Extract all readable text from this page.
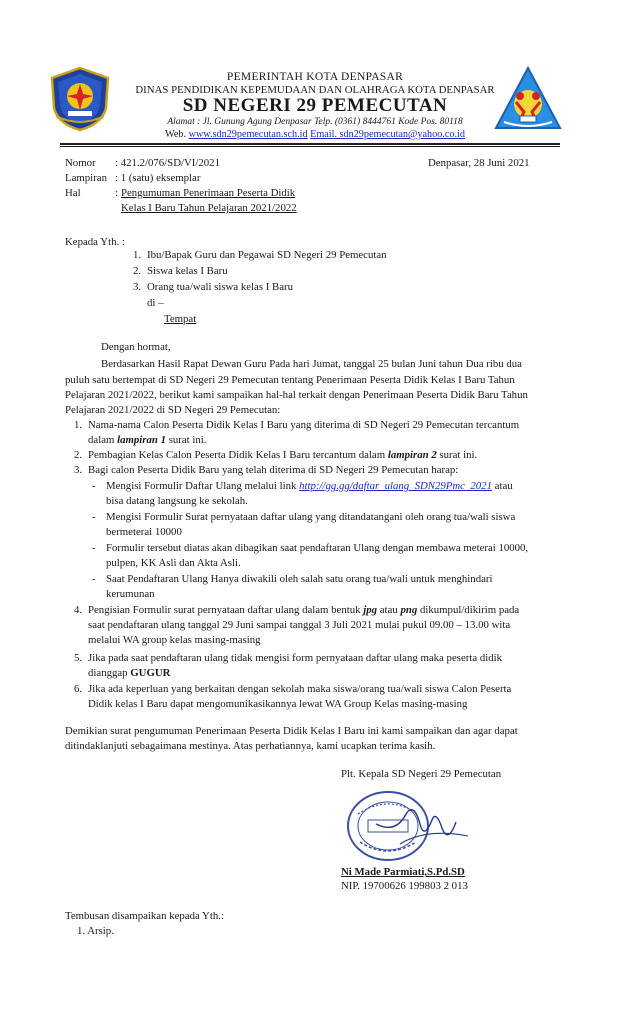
PEMERINTAH KOTA DENPASAR
DINAS PENDIDIKAN KEPEMUDAAN DAN OLAHRAGA KOTA DENPASAR
SD NEGERI 29 PEMECUTAN
Alamat : Jl. Gunung Agung Denpasar Telp. (0361) 8444761 Kode Pos. 80118
Web. www.sdn29pemecutan.sch.id Email. sdn29pemecutan@yahoo.co.id
Nomor : 421.2/076/SD/VI/2021	Denpasar, 28 Juni 2021
Lampiran : 1 (satu) eksemplar
Hal	: Pengumuman Penerimaan Peserta Didik
Kelas I Baru Tahun Pelajaran 2021/2022
Kepada Yth. :
1. Ibu/Bapak Guru dan Pegawai SD Negeri 29 Pemecutan
2. Siswa kelas I Baru
3. Orang tua/wali siswa kelas I Baru
di –
Tempat
Dengan hormat,
Berdasarkan Hasil Rapat Dewan Guru Pada hari Jumat, tanggal 25 bulan Juni tahun Dua ribu dua
puluh satu bertempat di SD Negeri 29 Pemecutan tentang Penerimaan Peserta Didik Kelas I Baru Tahun
Pelajaran 2021/2022, berikut kami sampaikan hal-hal terkait dengan Penerimaan Peserta Didik Baru Tahun
Pelajaran 2021/2022 di SD Negeri 29 Pemecutan:
1. Nama-nama Calon Peserta Didik Kelas I Baru yang diterima di SD Negeri 29 Pemecutan tercantum
dalam lampiran 1 surat ini.
2. Pembagian Kelas Calon Peserta Didik Kelas I Baru tercantum dalam lampiran 2 surat ini.
3. Bagi calon Peserta Didik Baru yang telah diterima di SD Negeri 29 Pemecutan harap:
- Mengisi Formulir Daftar Ulang melalui link http://gg.gg/daftar_ulang_SDN29Pmc_2021 atau
bisa datang langsung ke sekolah.
- Mengisi Formulir Surat pernyataan daftar ulang yang ditandatangani oleh orang tua/wali siswa
bermeterai 10000
- Formulir tersebut diatas akan dibagikan saat pendaftaran Ulang dengan membawa meterai 10000,
pulpen, KK Asli dan Akta Asli.
- Saat Pendaftaran Ulang Hanya diwakili oleh salah satu orang tua/wali untuk menghindari
kerumunan
4. Pengisian Formulir surat pernyataan daftar ulang dalam bentuk jpg atau png dikumpul/dikirim pada
saat pendaftaran ulang tanggal 29 Juni sampai tanggal 3 Juli 2021 mulai pukul 09.00 – 13.00 wita
melalui WA group kelas masing-masing
5. Jika pada saat pendaftaran ulang tidak mengisi form pernyataan daftar ulang maka peserta didik
dianggap GUGUR
6. Jika ada keperluan yang berkaitan dengan sekolah maka siswa/orang tua/wali siswa Calon Peserta
Didik kelas I Baru dapat mengomunikasikannya lewat WA Group Kelas masing-masing
Demikian surat pengumuman Penerimaan Peserta Didik Kelas I Baru ini kami sampaikan dan agar dapat
ditindaklanjuti sebagaimana mestinya. Atas perhatiannya, kami ucapkan terima kasih.
Plt. Kepala SD Negeri 29 Pemecutan
Ni Made Parmiati,S.Pd.SD
NIP. 19700626 199803 2 013
Tembusan disampaikan kepada Yth.:
1. Arsip.
